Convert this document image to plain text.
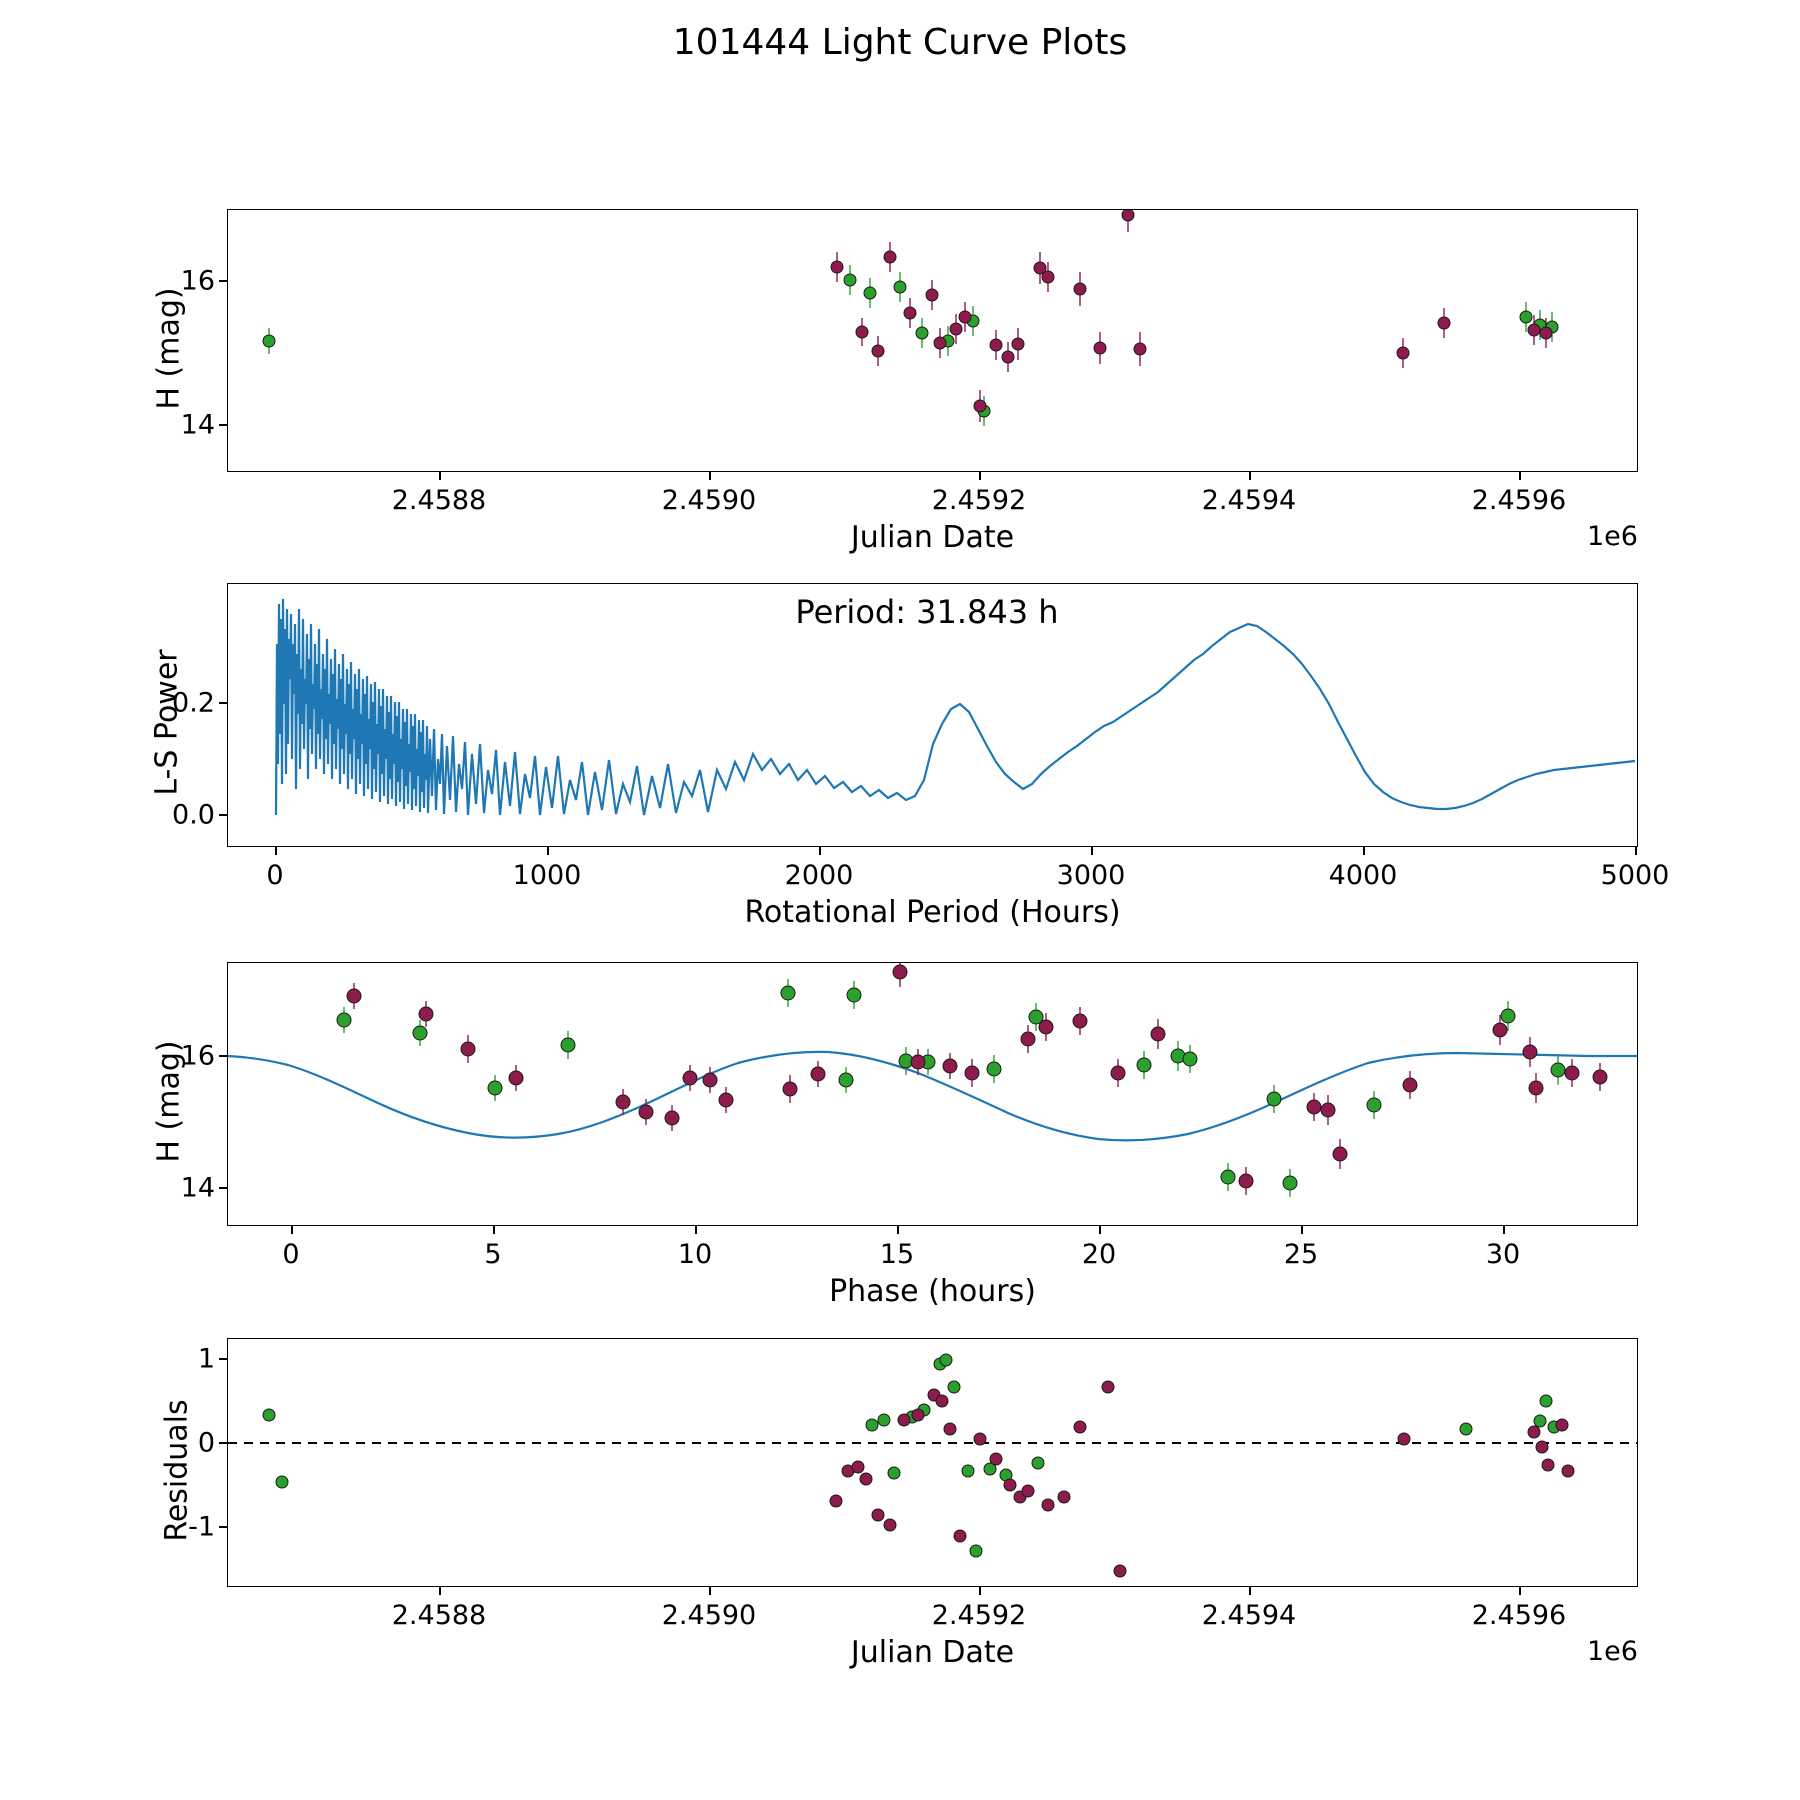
101444 Light Curve Plots
2.4588	2.4590	2.4592	2.4594	2.4596
16
14
Julian Date	1e6
H (mag)
Period: 31.843 h
0	1000	2000	3000	4000	5000
0.2
0.0
Rotational Period (Hours)
L-S Power
0	5	10	15	20	25	30
16
14
Phase (hours)
H (mag)
2.4588	2.4590	2.4592	2.4594	2.4596
1
0
-1
Julian Date	1e6
Residuals
